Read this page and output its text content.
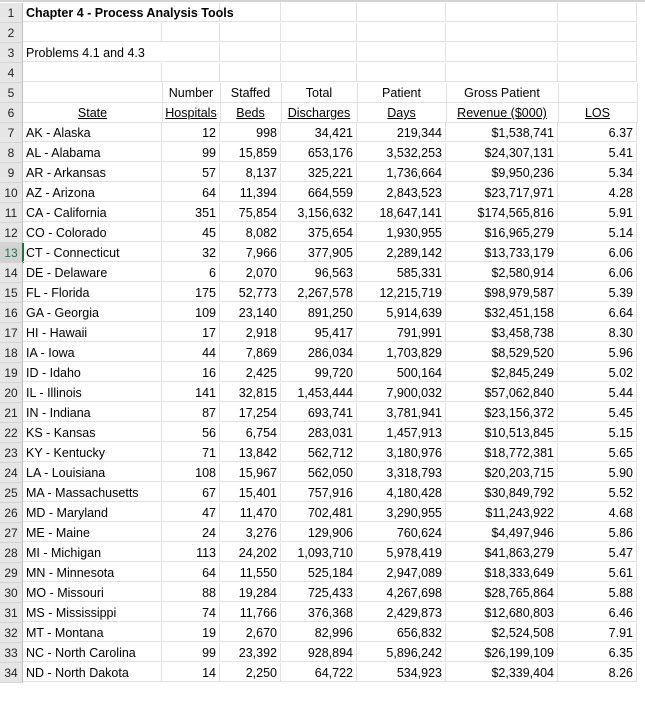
1 Chapter 4 - Process Analysis Tools
2
3 Problems 4.1 and 4.3
4
5	Number	Staffed	Total	Patient	Gross Patient
6	State	Hospitals	Beds	Discharges	Days	Revenue ($000)	LOS
7 AK - Alaska	12	998	34,421	219,344	$1,538,741	6.37
8 AL - Alabama	99	15,859	653,176	3,532,253	$24,307,131	5.41
9 AR - Arkansas	57	8,137	325,221	1,736,664	$9,950,236	5.34
10 AZ - Arizona	64	11,394	664,559	2,843,523	$23,717,971	4.28
11 CA - California	351	75,854	3,156,632	18,647,141	$174,565,816	5.91
12 CO - Colorado	45	8,082	375,654	1,930,955	$16,965,279	5.14
13 CT - Connecticut	32	7,966	377,905	2,289,142	$13,733,179	6.06
14 DE - Delaware	6	2,070	96,563	585,331	$2,580,914	6.06
15 FL - Florida	175	52,773	2,267,578	12,215,719	$98,979,587	5.39
16 GA - Georgia	109	23,140	891,250	5,914,639	$32,451,158	6.64
17 HI - Hawaii	17	2,918	95,417	791,991	$3,458,738	8.30
18 IA - Iowa	44	7,869	286,034	1,703,829	$8,529,520	5.96
19 ID - Idaho	16	2,425	99,720	500,164	$2,845,249	5.02
20 IL - Illinois	141	32,815	1,453,444	7,900,032	$57,062,840	5.44
21 IN - Indiana	87	17,254	693,741	3,781,941	$23,156,372	5.45
22 KS - Kansas	56	6,754	283,031	1,457,913	$10,513,845	5.15
23 KY - Kentucky	71	13,842	562,712	3,180,976	$18,772,381	5.65
24 LA - Louisiana	108	15,967	562,050	3,318,793	$20,203,715	5.90
25 MA - Massachusetts	67	15,401	757,916	4,180,428	$30,849,792	5.52
26 MD - Maryland	47	11,470	702,481	3,290,955	$11,243,922	4.68
27 ME - Maine	24	3,276	129,906	760,624	$4,497,946	5.86
28 MI - Michigan	113	24,202	1,093,710	5,978,419	$41,863,279	5.47
29 MN - Minnesota	64	11,550	525,184	2,947,089	$18,333,649	5.61
30 MO - Missouri	88	19,284	725,433	4,267,698	$28,765,864	5.88
31 MS - Mississippi	74	11,766	376,368	2,429,873	$12,680,803	6.46
32 MT - Montana	19	2,670	82,996	656,832	$2,524,508	7.91
33 NC - North Carolina	99	23,392	928,894	5,896,242	$26,199,109	6.35
34 ND - North Dakota	14	2,250	64,722	534,923	$2,339,404	8.26
